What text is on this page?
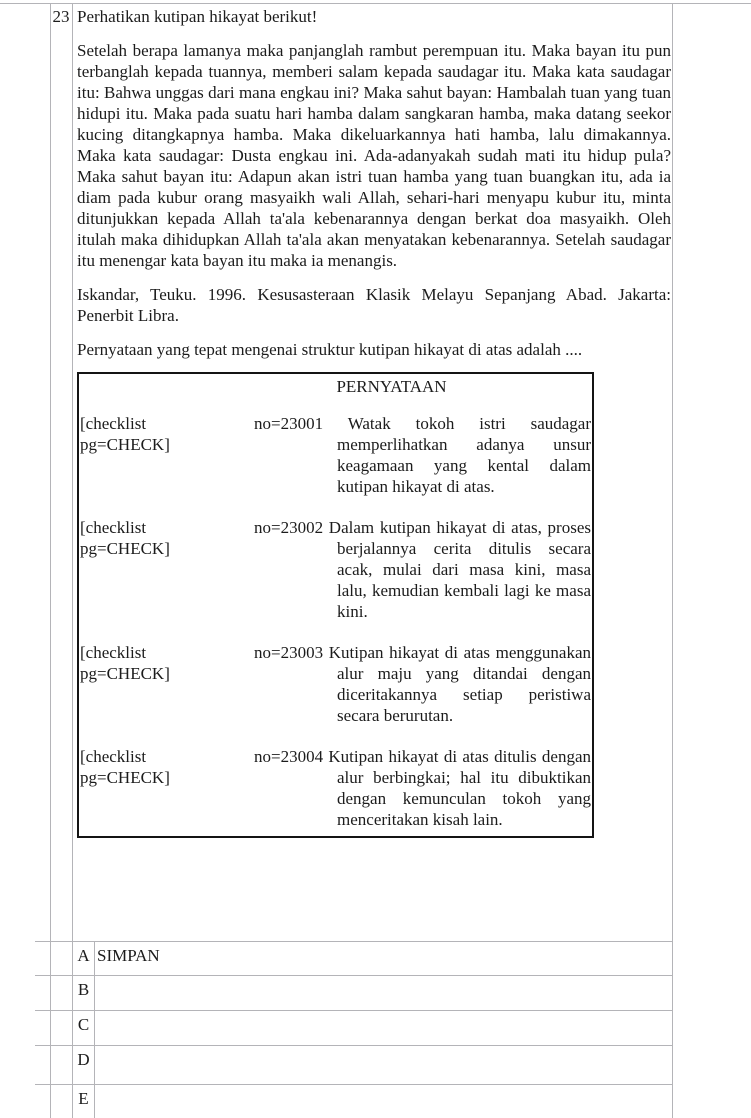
23 Perhatikan kutipan hikayat berikut!

Setelah berapa lamanya maka panjanglah rambut perempuan itu. Maka bayan itu pun terbanglah kepada tuannya, memberi salam kepada saudagar itu. Maka kata saudagar itu: Bahwa unggas dari mana engkau ini? Maka sahut bayan: Hambalah tuan yang tuan hidupi itu. Maka pada suatu hari hamba dalam sangkaran hamba, maka datang seekor kucing ditangkapnya hamba. Maka dikeluarkannya hati hamba, lalu dimakannya. Maka kata saudagar: Dusta engkau ini. Ada-adanyakah sudah mati itu hidup pula? Maka sahut bayan itu: Adapun akan istri tuan hamba yang tuan buangkan itu, ada ia diam pada kubur orang masyaikh wali Allah, sehari-hari menyapu kubur itu, minta ditunjukkan kepada Allah ta'ala kebenarannya dengan berkat doa masyaikh. Oleh itulah maka dihidupkan Allah ta'ala akan menyatakan kebenarannya. Setelah saudagar itu menengar kata bayan itu maka ia menangis.

Iskandar, Teuku. 1996. Kesusasteraan Klasik Melayu Sepanjang Abad. Jakarta: Penerbit Libra.

Pernyataan yang tepat mengenai struktur kutipan hikayat di atas adalah ....

PERNYATAAN
[checklist pg=CHECK]

no=23001 Watak tokoh istri saudagar memperlihatkan adanya unsur keagamaan yang kental dalam kutipan hikayat di atas.

[checklist pg=CHECK]

no=23002 Dalam kutipan hikayat di atas, proses berjalannya cerita ditulis secara acak, mulai dari masa kini, masa lalu, kemudian kembali lagi ke masa kini.

[checklist pg=CHECK]

no=23003 Kutipan hikayat di atas menggunakan alur maju yang ditandai dengan diceritakannya setiap peristiwa secara berurutan.

[checklist pg=CHECK]

no=23004 Kutipan hikayat di atas ditulis dengan alur berbingkai; hal itu dibuktikan dengan kemunculan tokoh yang menceritakan kisah lain.

A SIMPAN
B
C
D
E
